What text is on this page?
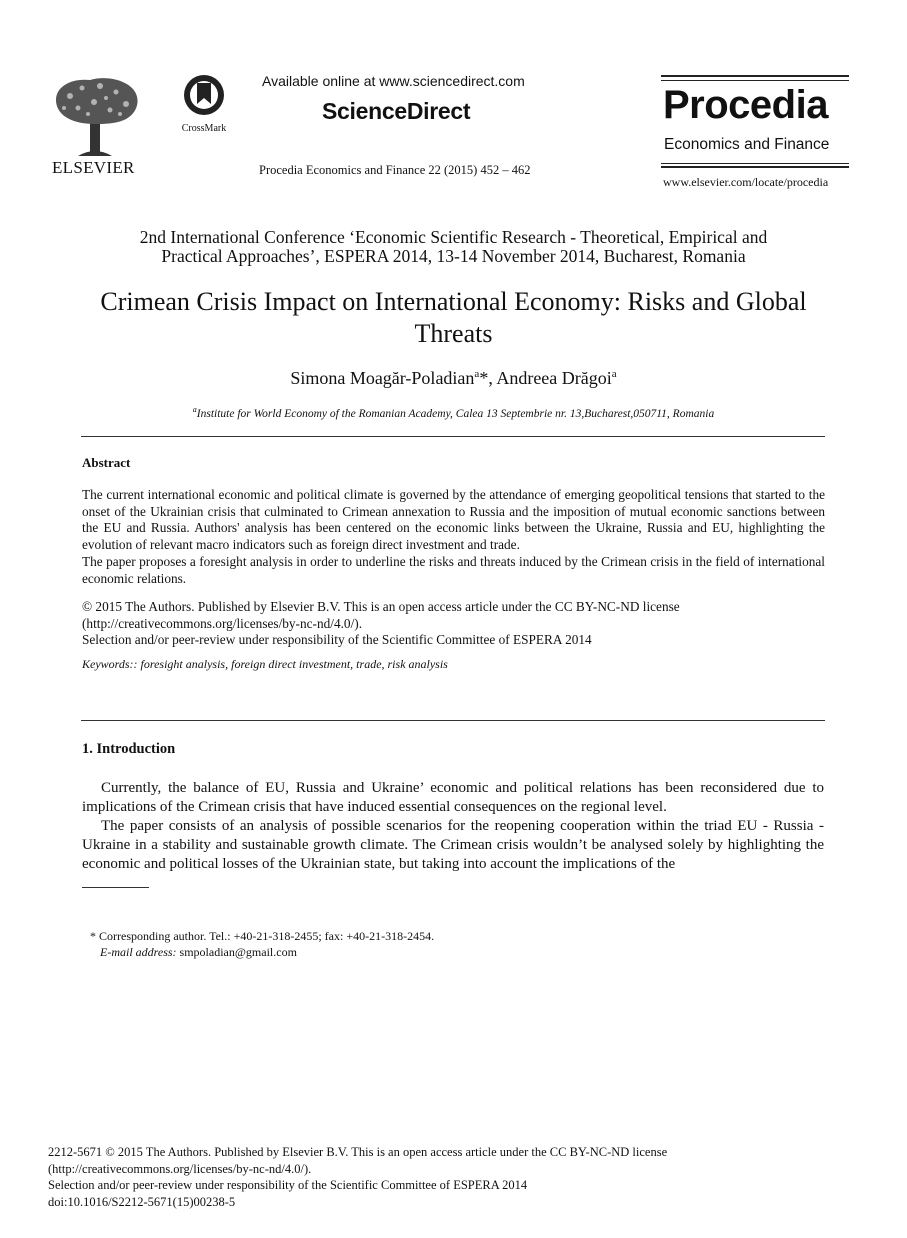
ELSEVIER
CrossMark
Available online at www.sciencedirect.com
ScienceDirect
Procedia Economics and Finance 22 (2015) 452 – 462
Procedia
Economics and Finance
www.elsevier.com/locate/procedia
2nd International Conference ‘Economic Scientific Research - Theoretical, Empirical and
Practical Approaches’, ESPERA 2014, 13-14 November 2014, Bucharest, Romania
Crimean Crisis Impact on International Economy: Risks and Global Threats
Simona Moagăr-Poladian$^a$*, Andreea Drăgoi$^a$
$^a$Institute for World Economy of the Romanian Academy, Calea 13 Septembrie nr. 13,Bucharest,050711, Romania
Abstract

The current international economic and political climate is governed by the attendance of emerging geopolitical tensions that started to the onset of the Ukrainian crisis that culminated to Crimean annexation to Russia and the imposition of mutual economic sanctions between the EU and Russia. Authors' analysis has been centered on the economic links between the Ukraine, Russia and EU, highlighting the evolution of relevant macro indicators such as foreign direct investment and trade.

The paper proposes a foresight analysis in order to underline the risks and threats induced by the Crimean crisis in the field of international economic relations.

© 2015 The Authors. Published by Elsevier B.V. This is an open access article under the CC BY-NC-ND license

(http://creativecommons.org/licenses/by-nc-nd/4.0/).

Selection and/or peer-review under responsibility of the Scientific Committee of ESPERA 2014

Keywords:: foresight analysis, foreign direct investment, trade, risk analysis
1. Introduction

Currently, the balance of EU, Russia and Ukraine’ economic and political relations has been reconsidered due to implications of the Crimean crisis that have induced essential consequences on the regional level.

The paper consists of an analysis of possible scenarios for the reopening cooperation within the triad EU - Russia - Ukraine in a stability and sustainable growth climate. The Crimean crisis wouldn’t be analysed solely by highlighting the economic and political losses of the Ukrainian state, but taking into account the implications of the

* Corresponding author. Tel.: +40-21-318-2455; fax: +40-21-318-2454.
E-mail address: smpoladian@gmail.com
2212-5671 © 2015 The Authors. Published by Elsevier B.V. This is an open access article under the CC BY-NC-ND license
(http://creativecommons.org/licenses/by-nc-nd/4.0/).
Selection and/or peer-review under responsibility of the Scientific Committee of ESPERA 2014
doi:10.1016/S2212-5671(15)00238-5
